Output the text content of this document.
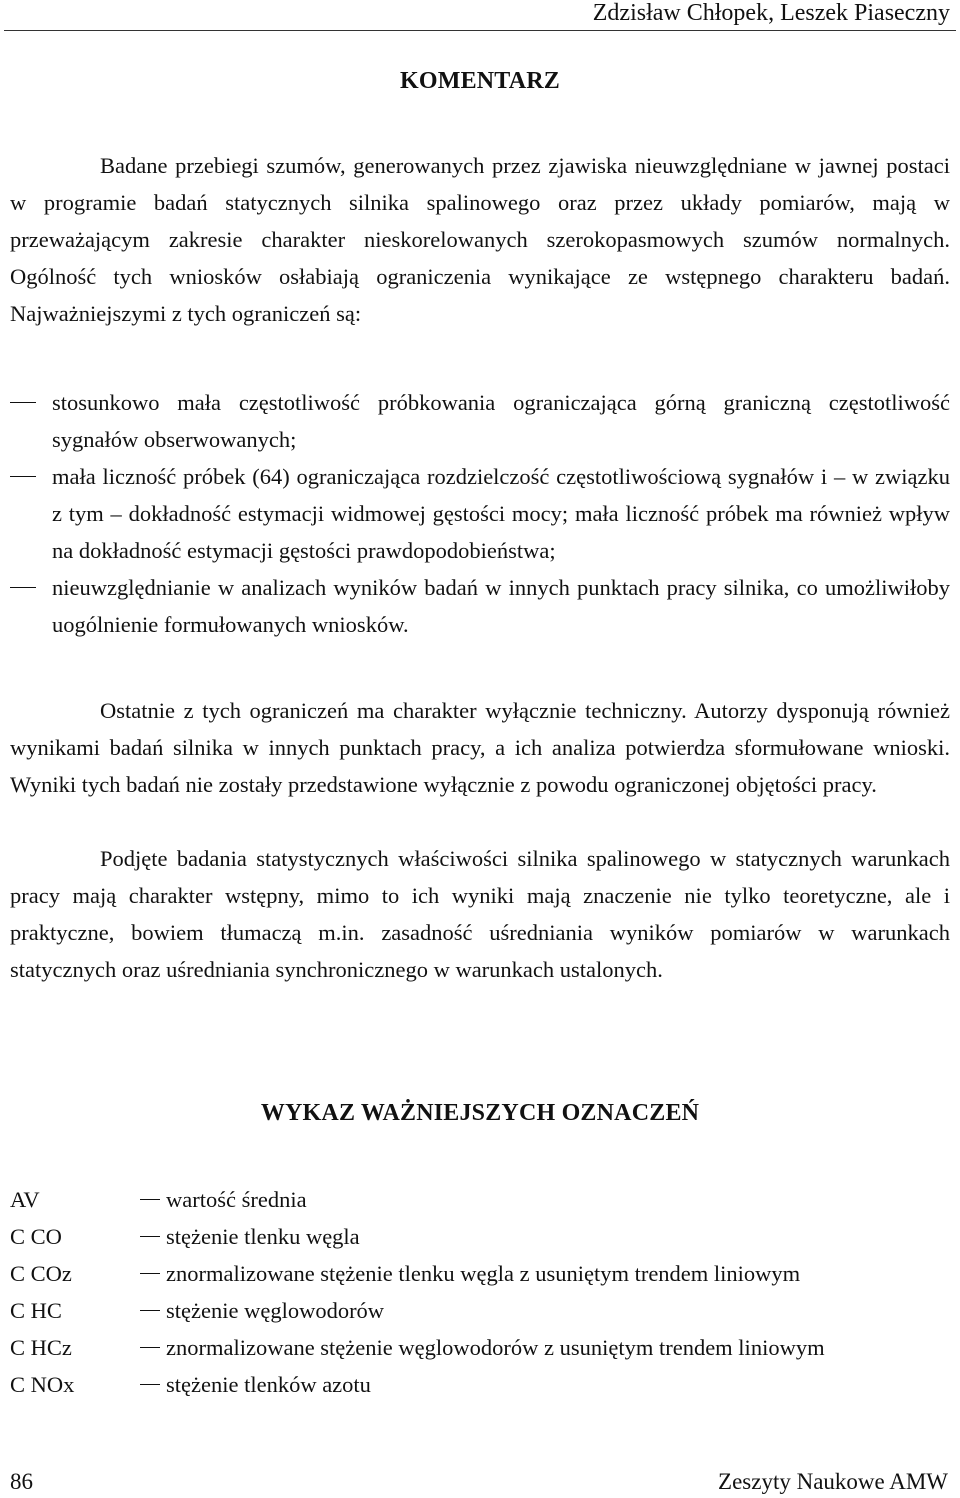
Zdzisław Chłopek, Leszek Piaseczny
KOMENTARZ

Badane przebiegi szumów, generowanych przez zjawiska nieuwzględniane w jawnej postaci w programie badań statycznych silnika spalinowego oraz przez układy pomiarów, mają w przeważającym zakresie charakter nieskorelowanych szerokopasmowych szumów normalnych. Ogólność tych wniosków osłabiają ograniczenia wynikające ze wstępnego charakteru badań. Najważniejszymi z tych ograniczeń są:

stosunkowo mała częstotliwość próbkowania ograniczająca górną graniczną częstotliwość sygnałów obserwowanych;
mała liczność próbek (64) ograniczająca rozdzielczość częstotliwościową sygnałów i – w związku z tym – dokładność estymacji widmowej gęstości mocy; mała liczność próbek ma również wpływ na dokładność estymacji gęstości prawdopodobieństwa;
nieuwzględnianie w analizach wyników badań w innych punktach pracy silnika, co umożliwiłoby uogólnienie formułowanych wniosków.

Ostatnie z tych ograniczeń ma charakter wyłącznie techniczny. Autorzy dysponują również wynikami badań silnika w innych punktach pracy, a ich analiza potwierdza sformułowane wnioski. Wyniki tych badań nie zostały przedstawione wyłącznie z powodu ograniczonej objętości pracy.

Podjęte badania statystycznych właściwości silnika spalinowego w statycznych warunkach pracy mają charakter wstępny, mimo to ich wyniki mają znaczenie nie tylko teoretyczne, ale i praktyczne, bowiem tłumaczą m.in. zasadność uśredniania wyników pomiarów w warunkach statycznych oraz uśredniania synchronicznego w warunkach ustalonych.

WYKAZ WAŻNIEJSZYCH OZNACZEŃ
AV	wartość średnia
C CO	stężenie tlenku węgla
C COz	znormalizowane stężenie tlenku węgla z usuniętym trendem liniowym
C HC	stężenie węglowodorów
C HCz	znormalizowane stężenie węglowodorów z usuniętym trendem liniowym
C NOx	stężenie tlenków azotu
86	Zeszyty Naukowe AMW
